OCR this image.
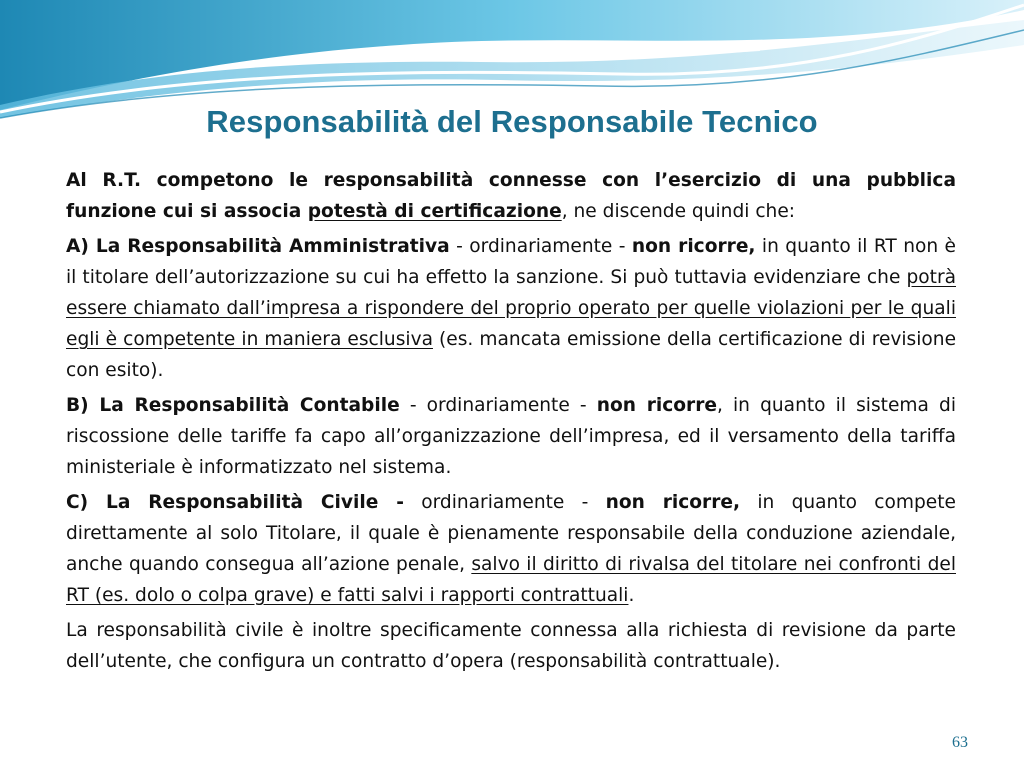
Responsabilità del Responsabile Tecnico

Al R.T. competono le responsabilità connesse con l’esercizio di una pubblica funzione cui si associa potestà di certificazione, ne discende quindi che:

A) La Responsabilità Amministrativa - ordinariamente - non ricorre, in quanto il RT non è il titolare dell’autorizzazione su cui ha effetto la sanzione. Si può tuttavia evidenziare che potrà essere chiamato dall’impresa a rispondere del proprio operato per quelle violazioni per le quali egli è competente in maniera esclusiva (es. mancata emissione della certificazione di revisione con esito).

B) La Responsabilità Contabile - ordinariamente - non ricorre, in quanto il sistema di riscossione delle tariffe fa capo all’organizzazione dell’impresa, ed il versamento della tariffa ministeriale è informatizzato nel sistema.

C) La Responsabilità Civile - ordinariamente - non ricorre, in quanto compete direttamente al solo Titolare, il quale è pienamente responsabile della conduzione aziendale, anche quando consegua all’azione penale, salvo il diritto di rivalsa del titolare nei confronti del RT (es. dolo o colpa grave) e fatti salvi i rapporti contrattuali.

La responsabilità civile è inoltre specificamente connessa alla richiesta di revisione da parte dell’utente, che configura un contratto d’opera (responsabilità contrattuale).

63
